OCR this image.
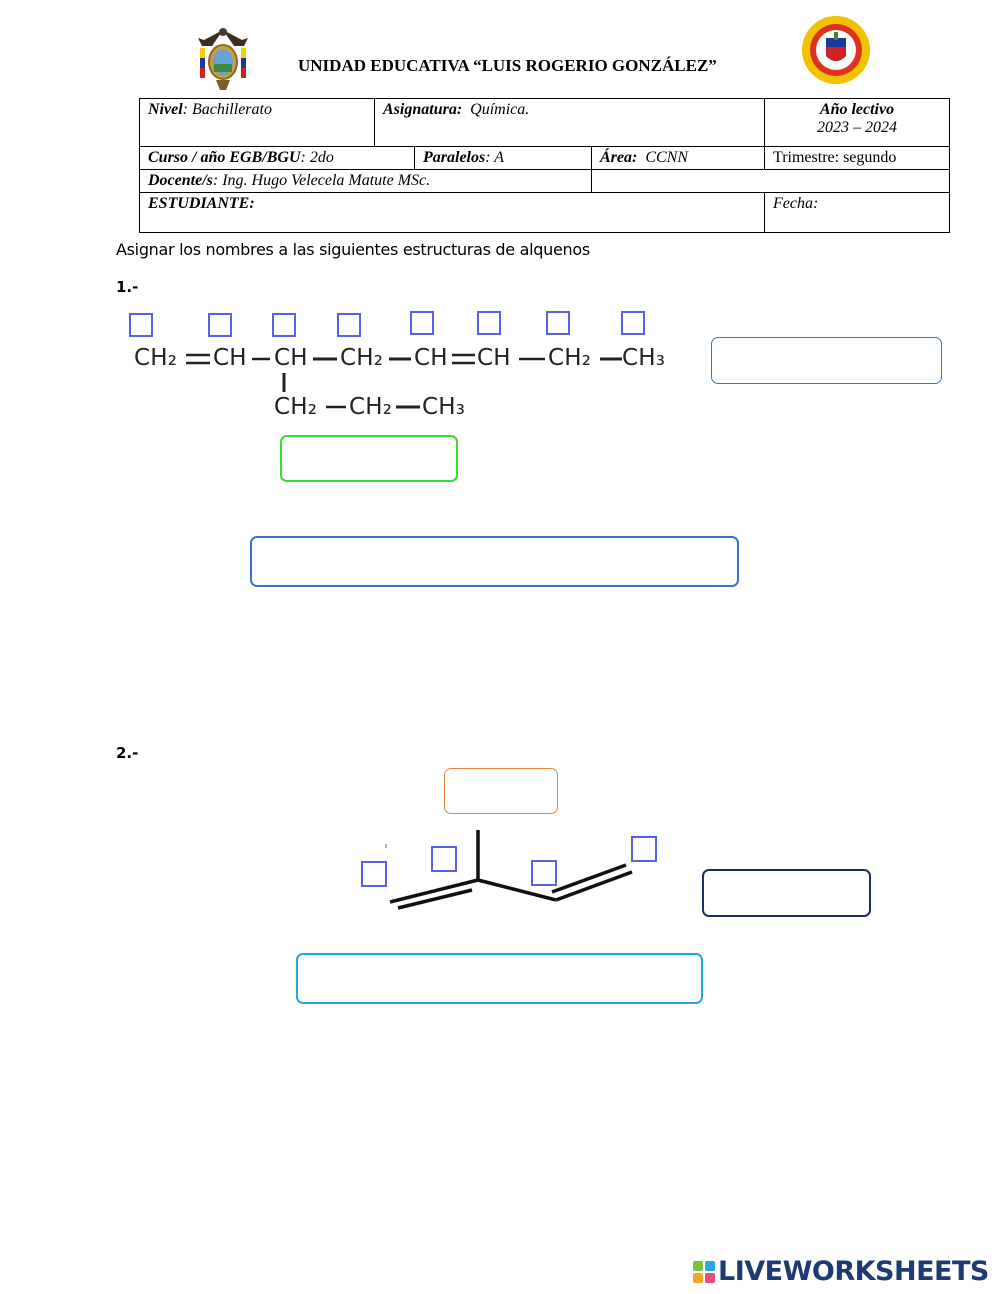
UNIDAD EDUCATIVA “LUIS ROGERIO GONZÁLEZ”
Nivel: Bachillerato	Asignatura: Química.			Año lectivo
2023 – 2024

Curso / año EGB/BGU: 2do		Paralelos: A	Área: CCNN	Trimestre: segundo
Docente/s: Ing. Hugo Velecela Matute MSc.				
ESTUDIANTE:				Fecha:
Asignar los nombres a las siguientes estructuras de alquenos
1.-
CH₂ CH CH CH₂ CH CH CH₂ CH₃
CH₂ CH₂ CH₃
2.-
LIVEWORKSHEETS
